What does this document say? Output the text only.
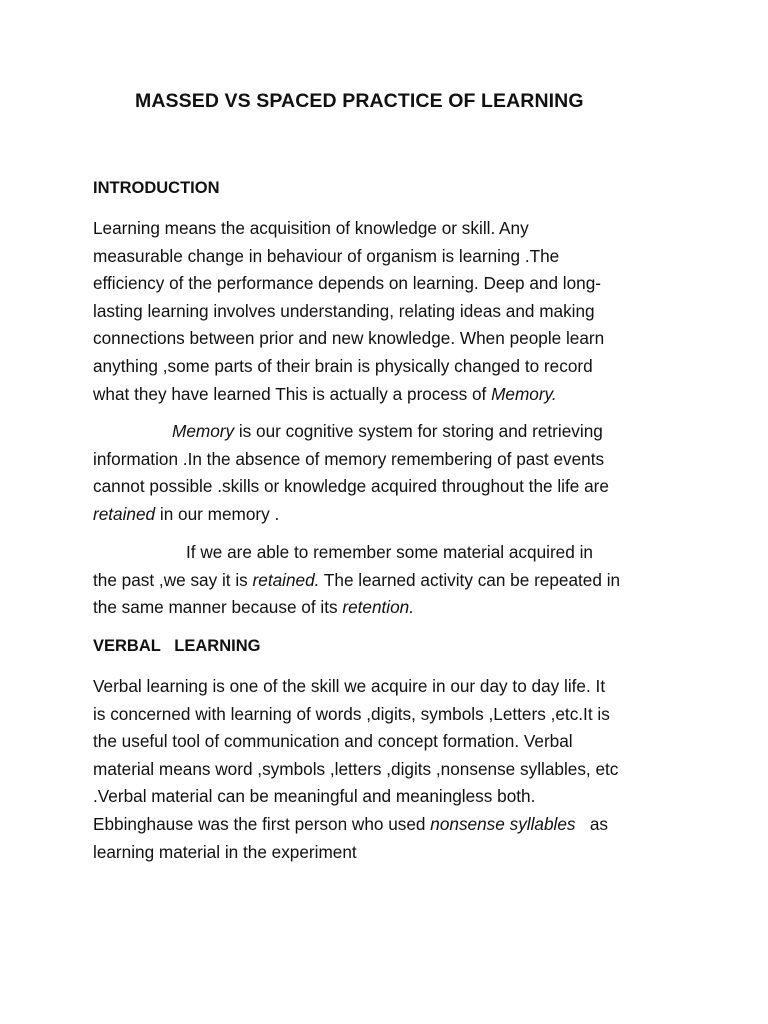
MASSED VS SPACED PRACTICE OF LEARNING
INTRODUCTION
Learning means the acquisition of knowledge or skill. Any
measurable change in behaviour of organism is learning .The
efficiency of the performance depends on learning. Deep and long-
lasting learning involves understanding, relating ideas and making
connections between prior and new knowledge. When people learn
anything ,some parts of their brain is physically changed to record
what they have learned This is actually a process of Memory.
Memory is our cognitive system for storing and retrieving
information .In the absence of memory remembering of past events
cannot possible .skills or knowledge acquired throughout the life are
retained in our memory .
If we are able to remember some material acquired in
the past ,we say it is retained. The learned activity can be repeated in
the same manner because of its retention.
VERBAL   LEARNING
Verbal learning is one of the skill we acquire in our day to day life. It
is concerned with learning of words ,digits, symbols ,Letters ,etc.It is
the useful tool of communication and concept formation. Verbal
material means word ,symbols ,letters ,digits ,nonsense syllables, etc
.Verbal material can be meaningful and meaningless both.
Ebbinghause was the first person who used nonsense syllables   as
learning material in the experiment
